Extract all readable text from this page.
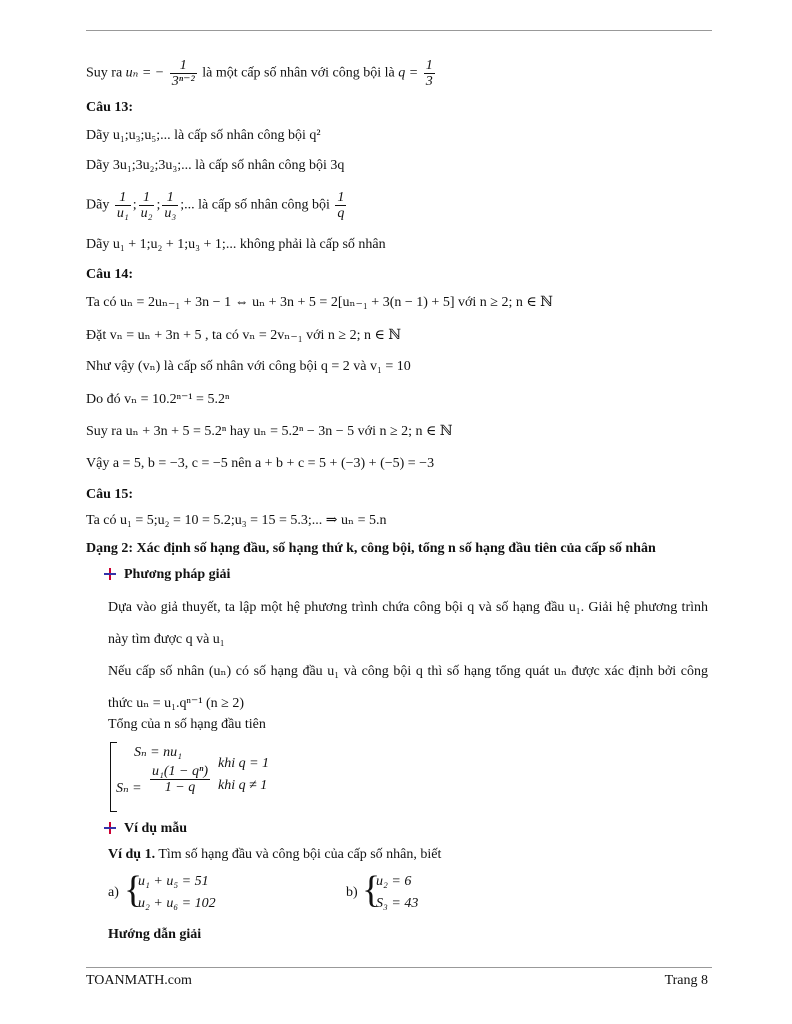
Suy ra uₙ = − $\frac{1}{\text{3ⁿ⁻²}}$ là một cấp số nhân với công bội là $q = \frac{1}{3}$
Câu 13:
Dãy u₁;u₃;u₅;... là cấp số nhân công bội q²
Dãy 3u₁;3u₂;3u₃;... là cấp số nhân công bội 3q
Dãy $\frac{1}{\text{u₁}}$ ; $\frac{1}{\text{u₂}}$ ; $\frac{1}{\text{u₃}}$ ;... là cấp số nhân công bội $\frac{1}{q}$
Dãy u₁ + 1;u₂ + 1;u₃ + 1;... không phải là cấp số nhân
Câu 14:
Ta có uₙ = 2uₙ₋₁ + 3n − 1 ⇔ uₙ + 3n + 5 = 2[uₙ₋₁ + 3(n − 1) + 5] với n ≥ 2; n ∈ ℕ
Đặt vₙ = uₙ + 3n + 5 , ta có vₙ = 2vₙ₋₁ với n ≥ 2; n ∈ ℕ
Như vậy (vₙ) là cấp số nhân với công bội q = 2 và v₁ = 10
Do đó vₙ = 10.2ⁿ⁻¹ = 5.2ⁿ
Suy ra uₙ + 3n + 5 = 5.2ⁿ hay uₙ = 5.2ⁿ − 3n − 5 với n ≥ 2; n ∈ ℕ
Vậy a = 5, b = −3, c = −5 nên a + b + c = 5 + (−3) + (−5) = −3
Câu 15:
Ta có u₁ = 5;u₂ = 10 = 5.2;u₃ = 15 = 5.3;... ⇒ uₙ = 5.n
Dạng 2: Xác định số hạng đầu, số hạng thứ k, công bội, tổng n số hạng đầu tiên của cấp số nhân
Phương pháp giải
Dựa vào giả thuyết, ta lập một hệ phương trình chứa công bội q và số hạng đầu u₁. Giải hệ phương trình này tìm được q và u₁
Nếu cấp số nhân (uₙ) có số hạng đầu u₁ và công bội q thì số hạng tổng quát uₙ được xác định bởi công thức uₙ = u₁.qⁿ⁻¹ (n ≥ 2)
Tổng của n số hạng đầu tiên
Sₙ = nu₁
$S_n = \frac{\text{u₁(1 − qⁿ)}}{1 - q}$
khi q = 1
khi q ≠ 1
Ví dụ mẫu
Ví dụ 1. Tìm số hạng đầu và công bội của cấp số nhân, biết
a) {
u₁ + u₅ = 51
u₂ + u₆ = 102
b) {
u₂ = 6
S₃ = 43
Hướng dẫn giải
TOANMATH.com	Trang 8
